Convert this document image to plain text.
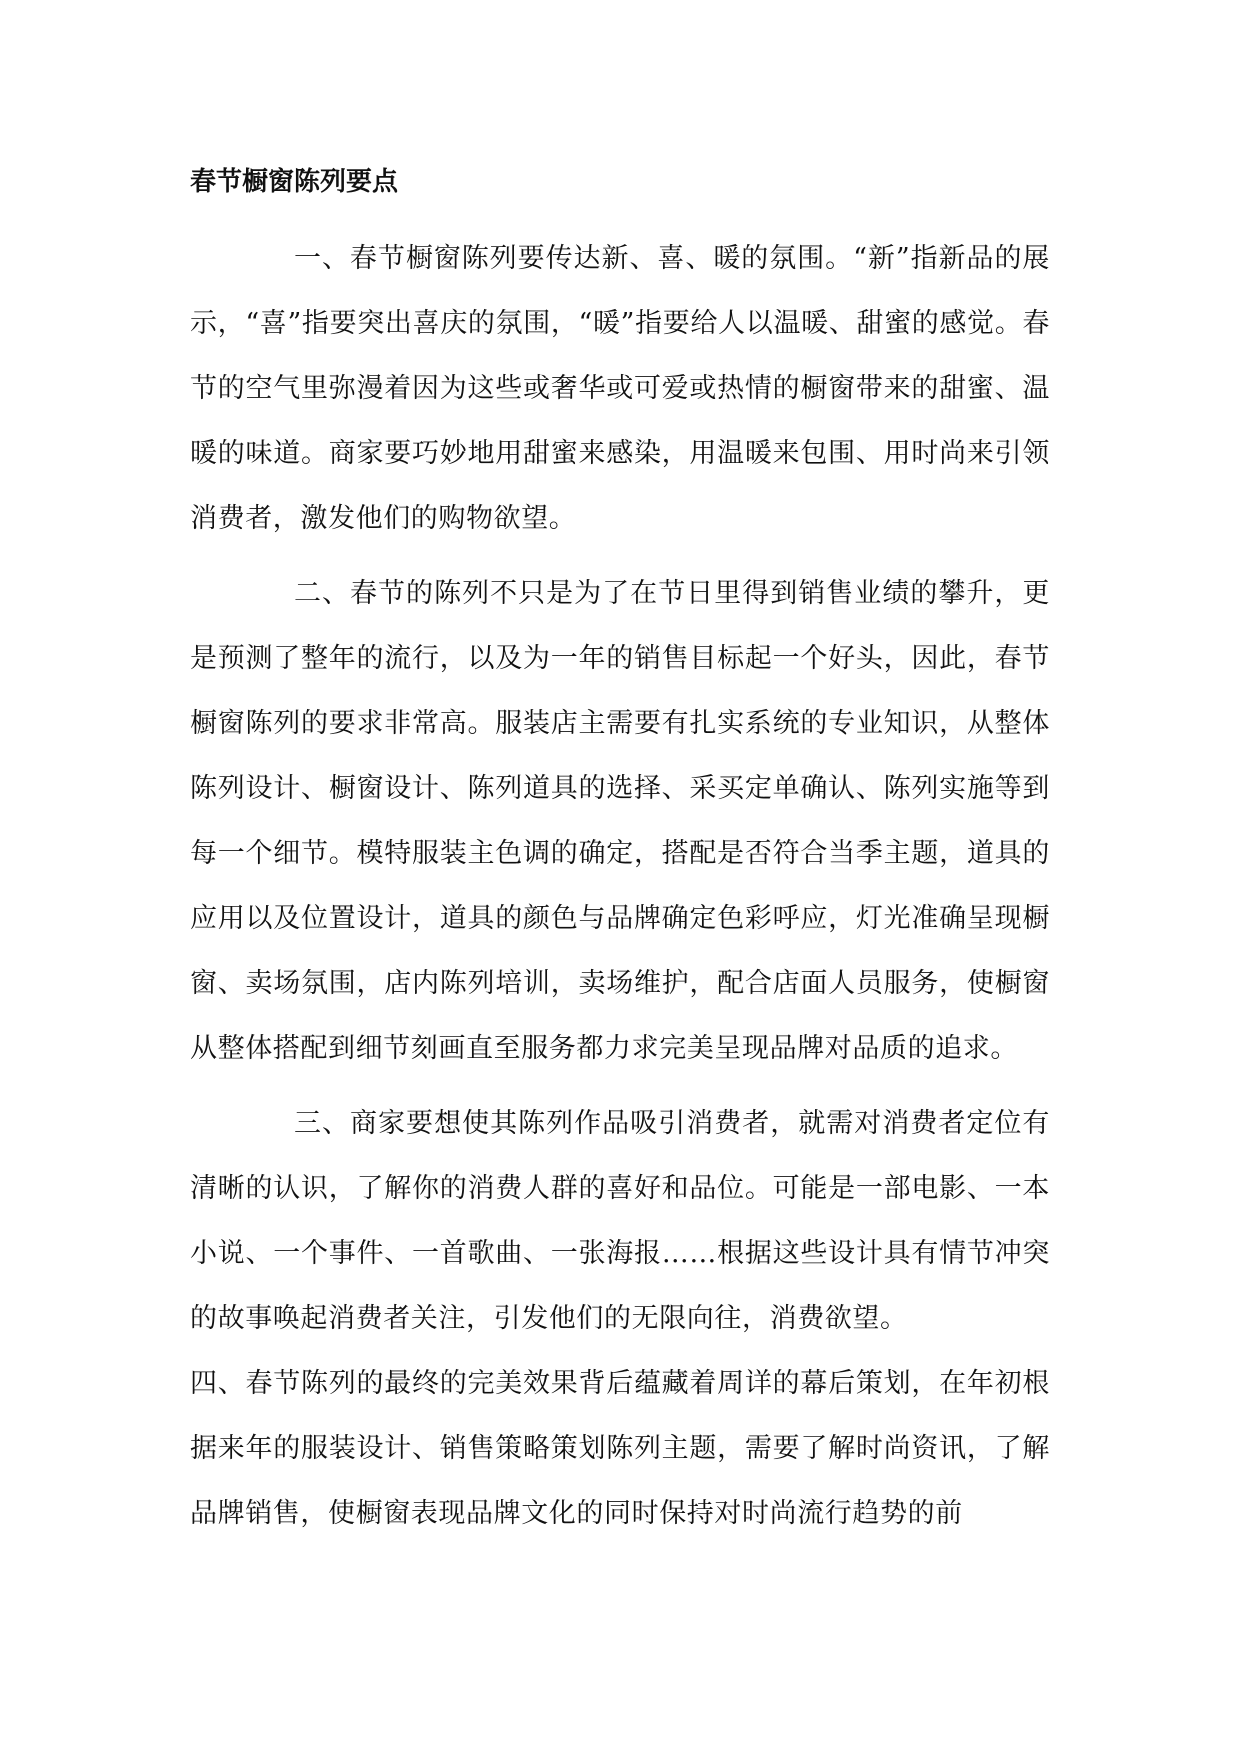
春节橱窗陈列要点

一、春节橱窗陈列要传达新、喜、暖的氛围。“新”指新品的展示，“喜”指要突出喜庆的氛围，“暖”指要给人以温暖、甜蜜的感觉。春节的空气里弥漫着因为这些或奢华或可爱或热情的橱窗带来的甜蜜、温暖的味道。商家要巧妙地用甜蜜来感染，用温暖来包围、用时尚来引领消费者，激发他们的购物欲望。

二、春节的陈列不只是为了在节日里得到销售业绩的攀升，更是预测了整年的流行，以及为一年的销售目标起一个好头，因此，春节橱窗陈列的要求非常高。服装店主需要有扎实系统的专业知识，从整体陈列设计、橱窗设计、陈列道具的选择、采买定单确认、陈列实施等到每一个细节。模特服装主色调的确定，搭配是否符合当季主题，道具的应用以及位置设计，道具的颜色与品牌确定色彩呼应，灯光准确呈现橱窗、卖场氛围，店内陈列培训，卖场维护，配合店面人员服务，使橱窗从整体搭配到细节刻画直至服务都力求完美呈现品牌对品质的追求。

三、商家要想使其陈列作品吸引消费者，就需对消费者定位有清晰的认识，了解你的消费人群的喜好和品位。可能是一部电影、一本小说、一个事件、一首歌曲、一张海报……根据这些设计具有情节冲突的故事唤起消费者关注，引发他们的无限向往，消费欲望。

四、春节陈列的最终的完美效果背后蕴藏着周详的幕后策划，在年初根据来年的服装设计、销售策略策划陈列主题，需要了解时尚资讯，了解品牌销售，使橱窗表现品牌文化的同时保持对时尚流行趋势的前
